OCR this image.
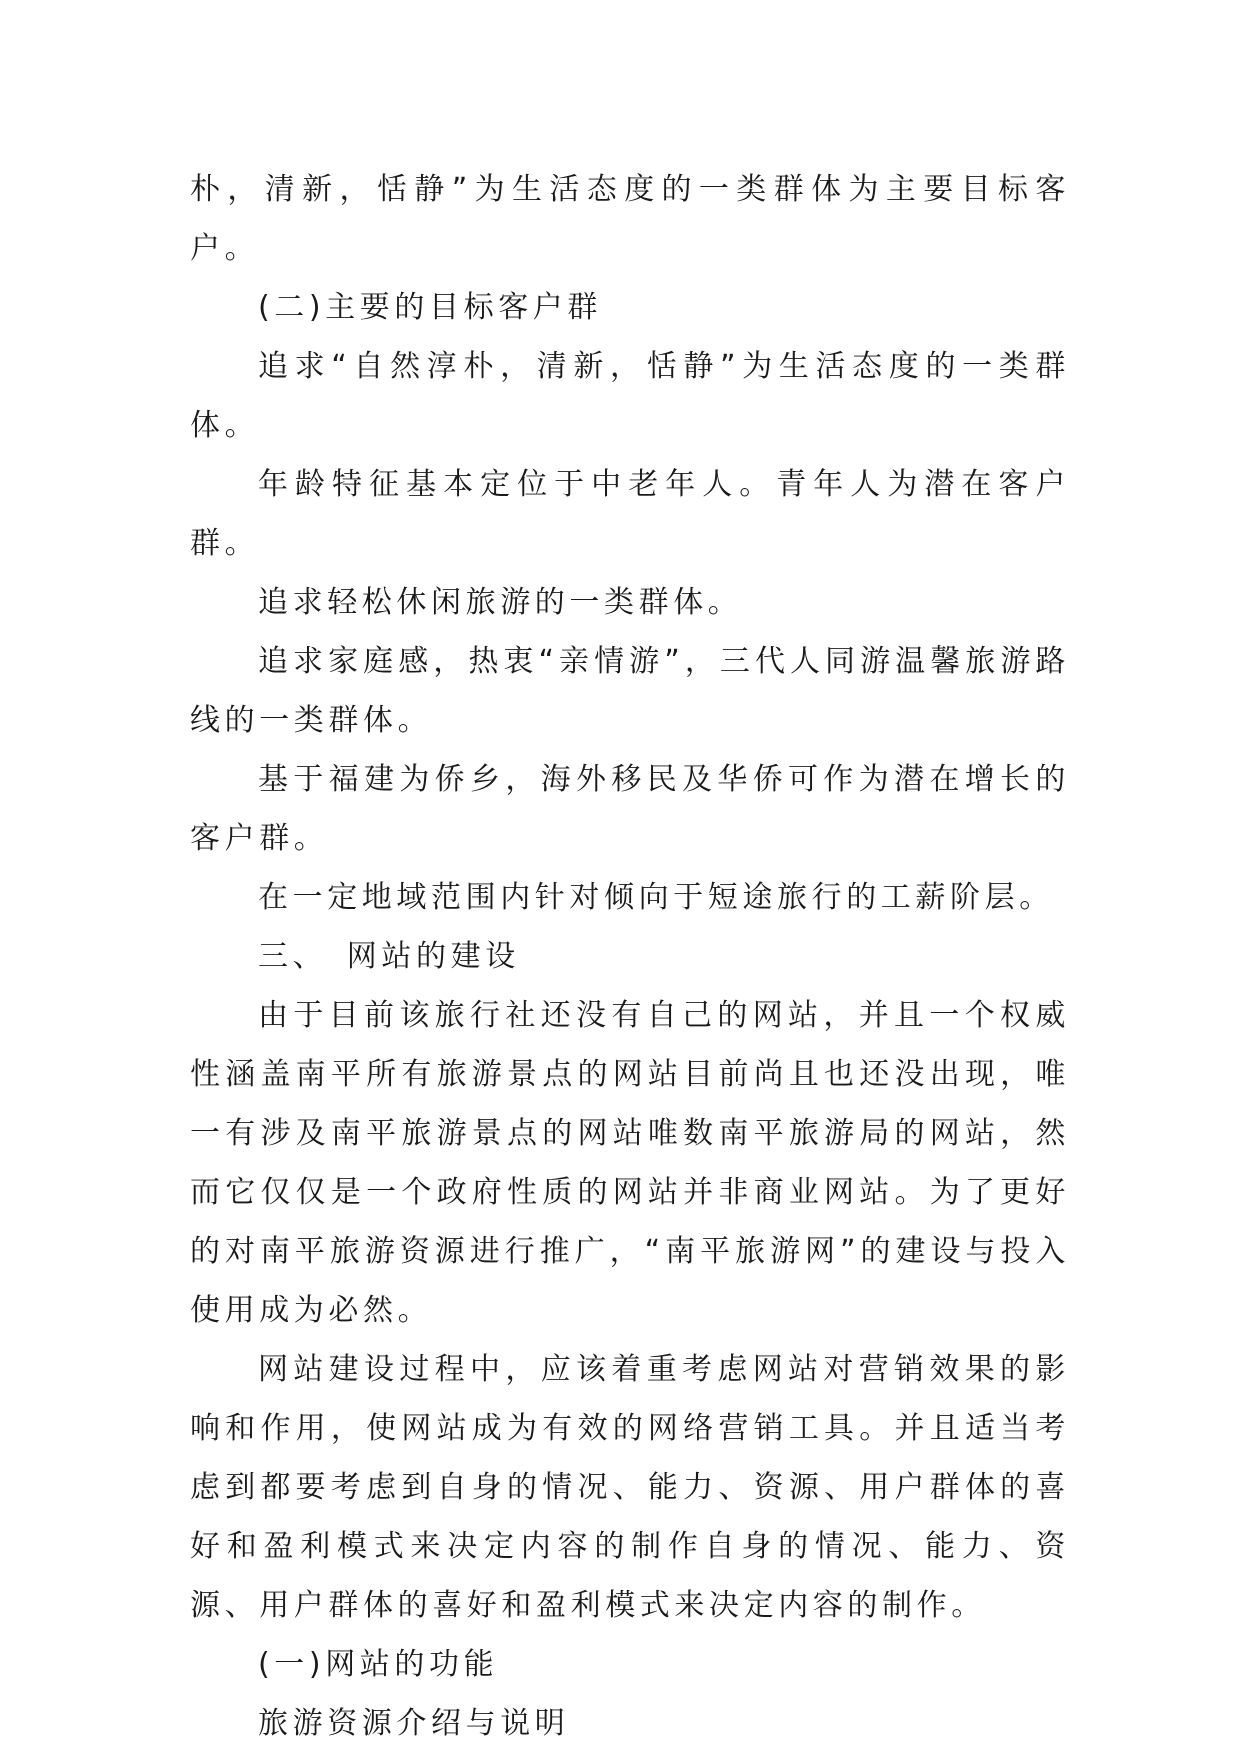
朴，清新，恬静”为生活态度的一类群体为主要目标客户。

(二)主要的目标客户群

追求“自然淳朴，清新，恬静”为生活态度的一类群体。

年龄特征基本定位于中老年人。青年人为潜在客户群。

追求轻松休闲旅游的一类群体。

追求家庭感，热衷“亲情游”，三代人同游温馨旅游路线的一类群体。

基于福建为侨乡，海外移民及华侨可作为潜在增长的客户群。

在一定地域范围内针对倾向于短途旅行的工薪阶层。

三、　网站的建设

由于目前该旅行社还没有自己的网站，并且一个权威性涵盖南平所有旅游景点的网站目前尚且也还没出现，唯一有涉及南平旅游景点的网站唯数南平旅游局的网站，然而它仅仅是一个政府性质的网站并非商业网站。为了更好的对南平旅游资源进行推广，“南平旅游网”的建设与投入使用成为必然。

网站建设过程中，应该着重考虑网站对营销效果的影响和作用，使网站成为有效的网络营销工具。并且适当考虑到都要考虑到自身的情况、能力、资源、用户群体的喜好和盈利模式来决定内容的制作自身的情况、能力、资源、用户群体的喜好和盈利模式来决定内容的制作。

(一)网站的功能

旅游资源介绍与说明
